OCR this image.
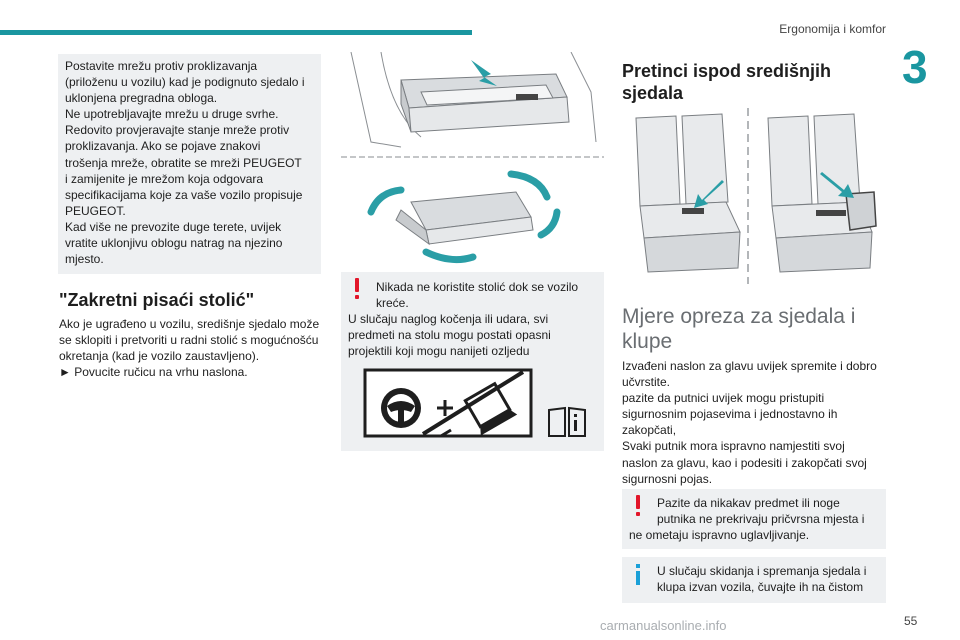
Ergonomija i komfor
3

Postavite mrežu protiv proklizavanja

(priloženu u vozilu) kad je podignuto sjedalo i

uklonjena pregradna obloga.

Ne upotrebljavajte mrežu u druge svrhe.

Redovito provjeravajte stanje mreže protiv

proklizavanja. Ako se pojave znakovi

trošenja mreže, obratite se mreži PEUGEOT

i zamijenite je mrežom koja odgovara

specifikacijama koje za vaše vozilo propisuje

PEUGEOT.

Kad više ne prevozite duge terete, uvijek

vratite uklonjivu oblogu natrag na njezino

mjesto.

"Zakretni pisaći stolić"

Ako je ugrađeno u vozilu, središnje sjedalo može

se sklopiti i pretvoriti u radni stolić s mogućnošću

okretanja (kad je vozilo zaustavljeno).

► Povucite ručicu na vrhu naslona.

Nikada ne koristite stolić dok se vozilo

kreće.

U slučaju naglog kočenja ili udara, svi

predmeti na stolu mogu postati opasni

projektili koji mogu nanijeti ozljedu

Pretinci ispod središnjih
sjedala
Mjere opreza za sjedala i
klupe

Izvađeni naslon za glavu uvijek spremite i dobro

učvrstite.

pazite da putnici uvijek mogu pristupiti

sigurnosnim pojasevima i jednostavno ih

zakopčati,

Svaki putnik mora ispravno namjestiti svoj

naslon za glavu, kao i podesiti i zakopčati svoj

sigurnosni pojas.

Pazite da nikakav predmet ili noge

putnika ne prekrivaju pričvrsna mjesta i

ne ometaju ispravno uglavljivanje.

U slučaju skidanja i spremanja sjedala i

klupa izvan vozila, čuvajte ih na čistom

55
carmanualsonline.info
